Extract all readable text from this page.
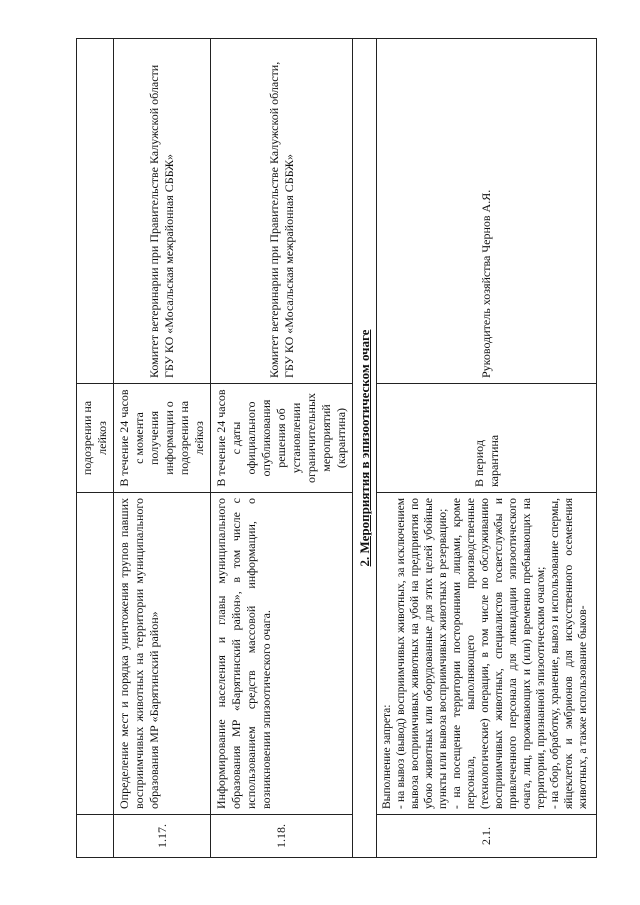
		подозрении на лейкоз	
1.17.	Определение мест и порядка уничтожения трупов павших восприимчивых животных на территории муниципального образования МР «Барятинский район»	В течение 24 часов с момента получения информации о подозрении на лейкоз	Комитет ветеринарии при Правительстве Калужской области
ГБУ КО «Мосальская межрайонная СББЖ»
1.18.	Информирование населения и главы муниципального образования МР «Барятинский район», в том числе с использованием средств массовой информации, о возникновении эпизоотического очага.	В течение 24 часов с даты официального опубликования решения об установлении ограничительных мероприятий (карантина)	Комитет ветеринарии при Правительстве Калужской области,
ГБУ КО «Мосальская межрайонная СББЖ»
2. Мероприятия в эпизоотическом очаге			
2.1.	Выполнение запрета:
- на вывоз (вывод) восприимчивых животных, за исключением вывоза восприимчивых животных на убой на предприятия по убою животных или оборудованные для этих целей убойные пункты или вывоза восприимчивых животных в резервацию;
- на посещение территории посторонними лицами, кроме персонала, выполняющего производственные (технологические) операции, в том числе по обслуживанию восприимчивых животных, специалистов госветслужбы и привлеченного персонала для ликвидации эпизоотического очага, лиц, проживающих и (или) временно пребывающих на территории, признанной эпизоотическим очагом;
- на сбор, обработку, хранение, вывоз и использование спермы, яйцеклеток и эмбрионов для искусственного осеменения животных, а также использование быков-	В период карантина	Руководитель хозяйства Чернов А.Я.
